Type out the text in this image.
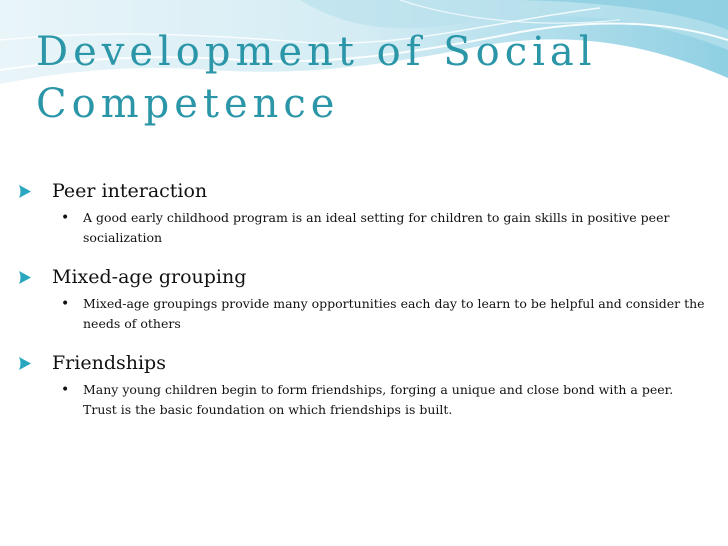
Development of Social
Competence
Peer interaction
• A good early childhood program is an ideal setting for children to gain skills in positive peer socialization
Mixed-age grouping
• Mixed-age groupings provide many opportunities each day to learn to be helpful and consider the needs of others
Friendships
• Many young children begin to form friendships, forging a unique and close bond with a peer. Trust is the basic foundation on which friendships is built.
